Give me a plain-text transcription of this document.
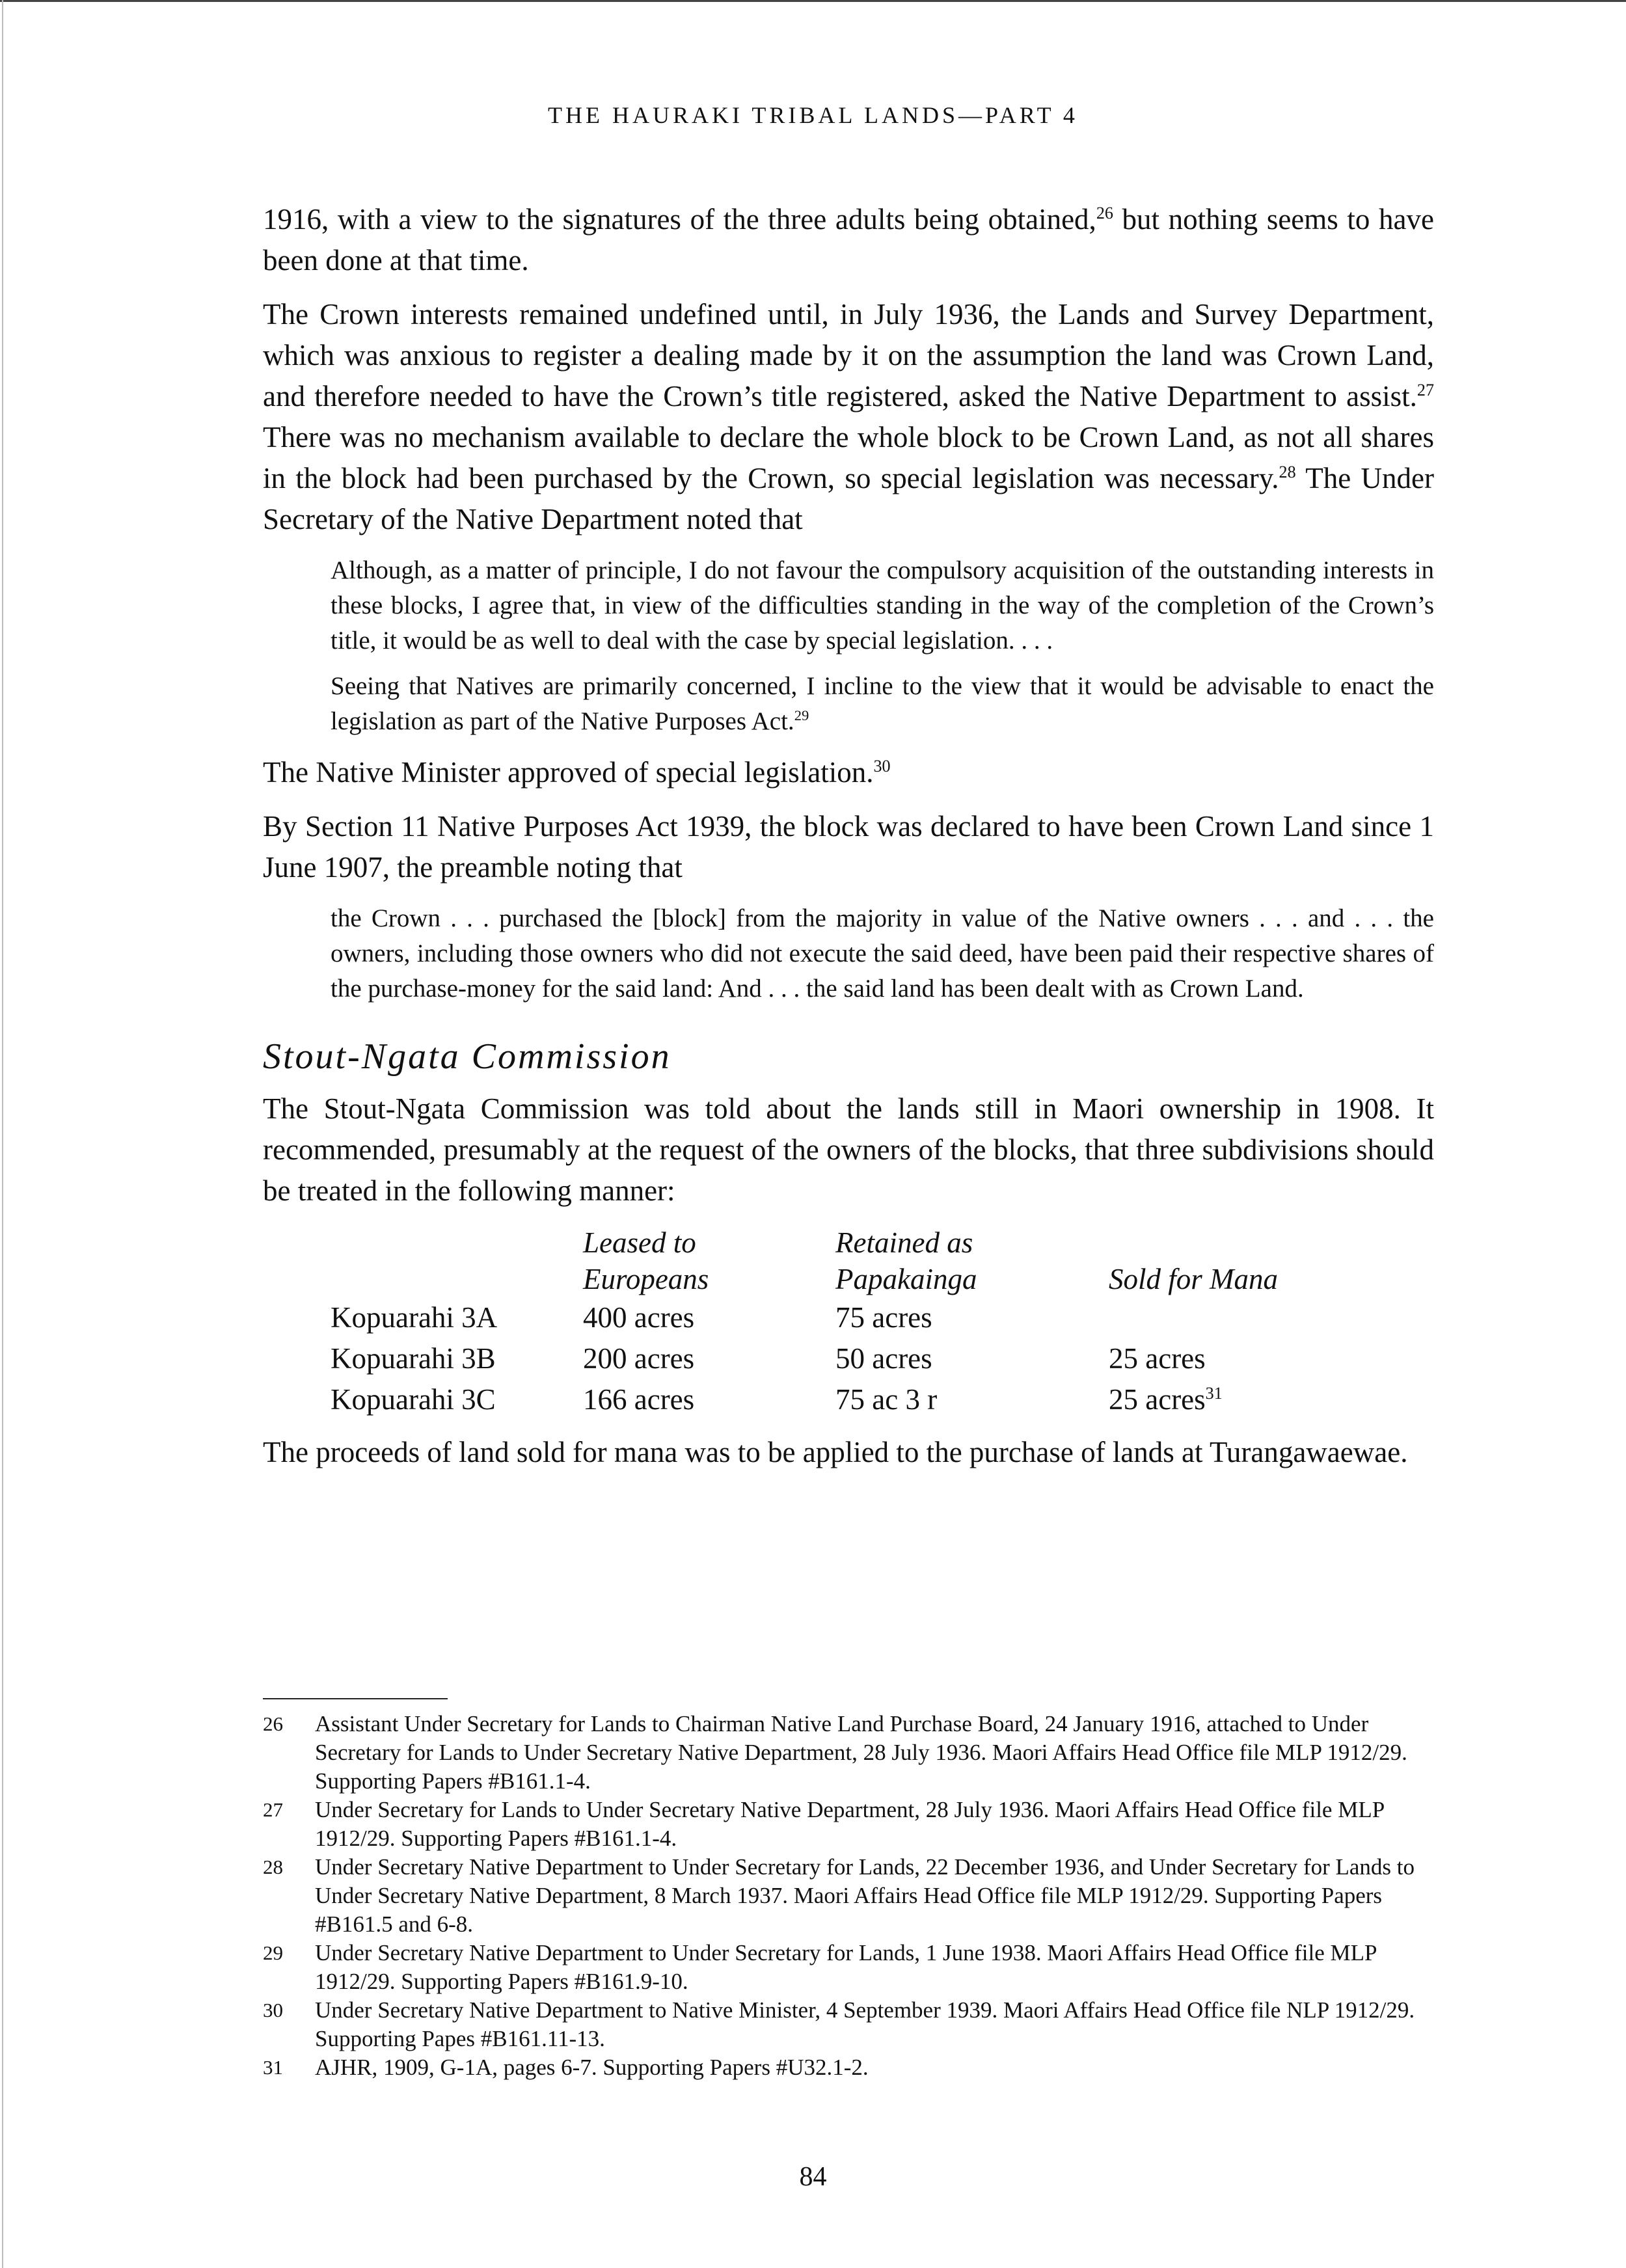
THE HAURAKI TRIBAL LANDS—PART 4

1916, with a view to the signatures of the three adults being obtained,$^{26}$ but nothing seems to have been done at that time.

The Crown interests remained undefined until, in July 1936, the Lands and Survey Department, which was anxious to register a dealing made by it on the assumption the land was Crown Land, and therefore needed to have the Crown’s title registered, asked the Native Department to assist.$^{27}$ There was no mechanism available to declare the whole block to be Crown Land, as not all shares in the block had been purchased by the Crown, so special legislation was necessary.$^{28}$ The Under Secretary of the Native Department noted that

Although, as a matter of principle, I do not favour the compulsory acquisition of the outstanding interests in these blocks, I agree that, in view of the difficulties standing in the way of the completion of the Crown’s title, it would be as well to deal with the case by special legislation. . . .

Seeing that Natives are primarily concerned, I incline to the view that it would be advisable to enact the legislation as part of the Native Purposes Act.$^{29}$

The Native Minister approved of special legislation.$^{30}$

By Section 11 Native Purposes Act 1939, the block was declared to have been Crown Land since 1 June 1907, the preamble noting that

the Crown . . . purchased the [block] from the majority in value of the Native owners . . . and . . . the owners, including those owners who did not execute the said deed, have been paid their respective shares of the purchase-money for the said land: And . . . the said land has been dealt with as Crown Land.

Stout-Ngata Commission

The Stout-Ngata Commission was told about the lands still in Maori ownership in 1908. It recommended, presumably at the request of the owners of the blocks, that three subdivisions should be treated in the following manner:

	Leased to
Europeans	Retained as
Papakainga	Sold for Mana
Kopuarahi 3A	400 acres	75 acres	
Kopuarahi 3B	200 acres	50 acres	25 acres
Kopuarahi 3C	166 acres	75 ac 3 r	25 acres$^{31}$

The proceeds of land sold for mana was to be applied to the purchase of lands at Turangawaewae.

26	Assistant Under Secretary for Lands to Chairman Native Land Purchase Board, 24 January 1916, attached to Under Secretary for Lands to Under Secretary Native Department, 28 July 1936. Maori Affairs Head Office file MLP 1912/29. Supporting Papers #B161.1-4.
27	Under Secretary for Lands to Under Secretary Native Department, 28 July 1936. Maori Affairs Head Office file MLP 1912/29. Supporting Papers #B161.1-4.
28	Under Secretary Native Department to Under Secretary for Lands, 22 December 1936, and Under Secretary for Lands to Under Secretary Native Department, 8 March 1937. Maori Affairs Head Office file MLP 1912/29. Supporting Papers #B161.5 and 6-8.
29	Under Secretary Native Department to Under Secretary for Lands, 1 June 1938. Maori Affairs Head Office file MLP 1912/29. Supporting Papers #B161.9-10.
30	Under Secretary Native Department to Native Minister, 4 September 1939. Maori Affairs Head Office file NLP 1912/29. Supporting Papes #B161.11-13.
31	AJHR, 1909, G-1A, pages 6-7. Supporting Papers #U32.1-2.
84
